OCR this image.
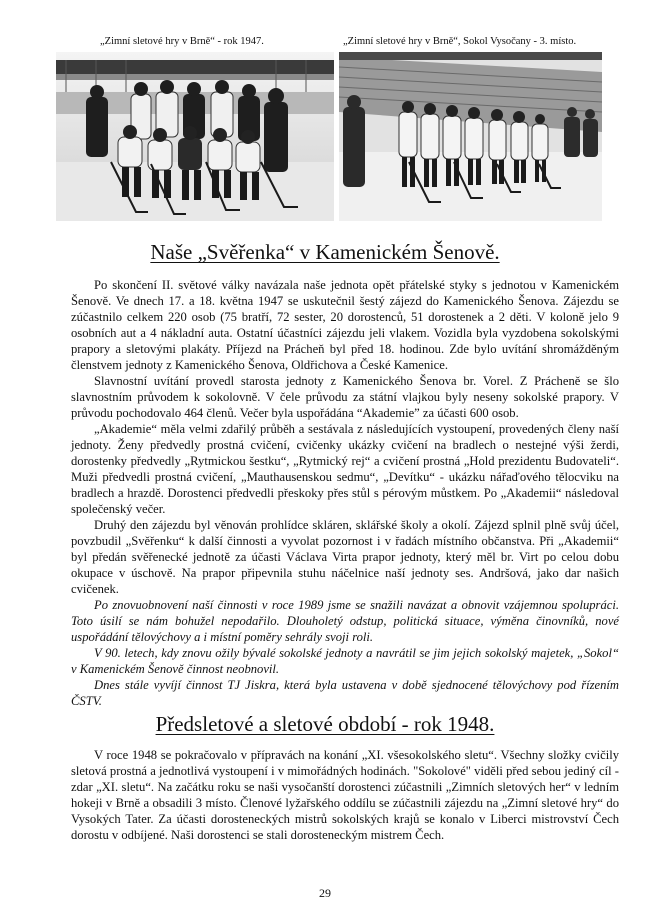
„Zimní sletové hry v Brně“ - rok 1947.	„Zimní sletové hry v Brně“, Sokol Vysočany - 3. místo.
Naše „Svěřenka“ v Kamenickém Šenově.

Po skončení II. světové války navázala naše jednota opět přátelské styky s jednotou v Kamenickém Šenově. Ve dnech 17. a 18. května 1947 se uskutečnil šestý zájezd do Kamenického Šenova. Zájezdu se zúčastnilo celkem 220 osob (75 bratří, 72 sester, 20 dorostenců, 51 dorostenek a 2 děti. V koloně jelo 9 osobních aut a 4 nákladní auta. Ostatní účastníci zájezdu jeli vlakem. Vozidla byla vyzdobena sokolskými prapory a sletovými plakáty. Příjezd na Prácheň byl před 18. hodinou. Zde bylo uvítání shromážděným členstvem jednoty z Kamenického Šenova, Oldřichova a České Kamenice.

Slavnostní uvítání provedl starosta jednoty z Kamenického Šenova br. Vorel. Z Prácheně se šlo slavnostním průvodem k sokolovně. V čele průvodu za státní vlajkou byly neseny sokolské prapory. V průvodu pochodovalo 464 členů. Večer byla uspořádána “Akademie” za účasti 600 osob.

„Akademie“ měla velmi zdařilý průběh a sestávala z následujících vystoupení, provedených členy naší jednoty. Ženy předvedly prostná cvičení, cvičenky ukázky cvičení na bradlech o nestejné výši žerdi, dorostenky předvedly „Rytmickou šestku“, „Rytmický rej“ a cvičení prostná „Hold prezidentu Budovateli“. Muži předvedli prostná cvičení, „Mauthausenskou sedmu“, „Devítku“ - ukázku nářaďového tělocviku na bradlech a hrazdě. Dorostenci předvedli přeskoky přes stůl s pérovým můstkem. Po „Akademii“ následoval společenský večer.

Druhý den zájezdu byl věnován prohlídce skláren, sklářské školy a okolí. Zájezd splnil plně svůj účel, povzbudil „Svěřenku“ k další činnosti a vyvolat pozornost i v řadách místního občanstva. Při „Akademii“ byl předán svěřenecké jednotě za účasti Václava Virta prapor jednoty, který měl br. Virt po celou dobu okupace v úschově. Na prapor připevnila stuhu náčelnice naší jednoty ses. Andršová, jako dar našich cvičenek.

Po znovuobnovení naší činnosti v roce 1989 jsme se snažili navázat a obnovit vzájemnou spolupráci. Toto úsilí se nám bohužel nepodařilo. Dlouholetý odstup, politická situace, výměna činovníků, nové uspořádání tělovýchovy a i místní poměry sehrály svoji roli.

V 90. letech, kdy znovu ožily bývalé sokolské jednoty a navrátil se jim jejich sokolský majetek, „Sokol“ v Kamenickém Šenově činnost neobnovil.

Dnes stále vyvíjí činnost TJ Jiskra, která byla ustavena v době sjednocené tělovýchovy pod řízením ČSTV.

Předsletové a sletové období - rok 1948.

V roce 1948 se pokračovalo v přípravách na konání „XI. všesokolského sletu“. Všechny složky cvičily sletová prostná a jednotlivá vystoupení i v mimořádných hodinách. "Sokolové" viděli před sebou jediný cíl - zdar „XI. sletu“. Na začátku roku se naši vysočanští dorostenci zúčastnili „Zimních sletových her“ v ledním hokeji v Brně a obsadili 3 místo. Členové lyžařského oddílu se zúčastnili zájezdu na „Zimní sletové hry“ do Vysokých Tater. Za účasti dorosteneckých mistrů sokolských krajů se konalo v Liberci mistrovství Čech dorostu v odbíjené. Naši dorostenci se stali dorosteneckým mistrem Čech.

29
